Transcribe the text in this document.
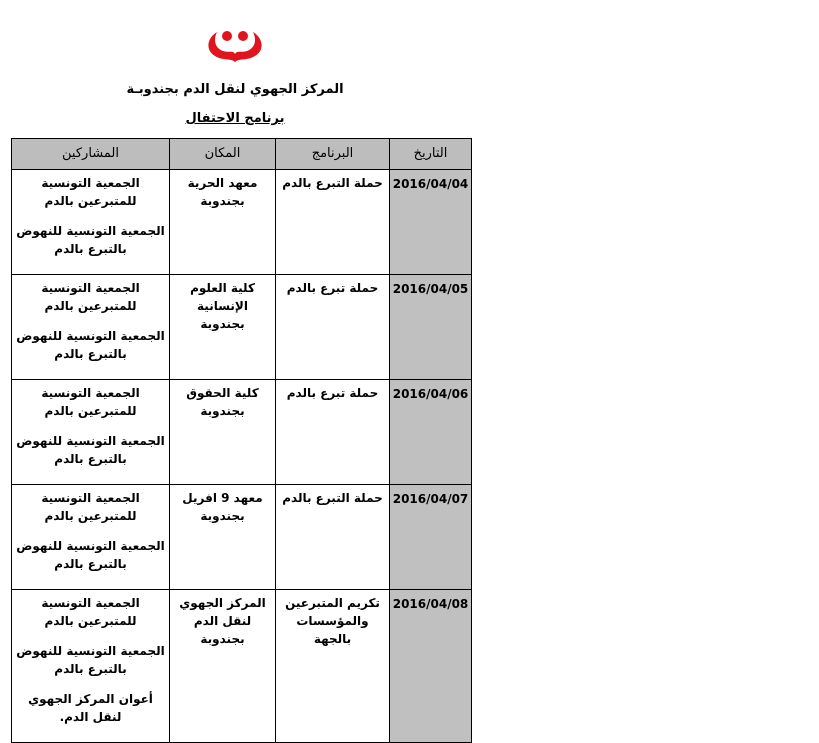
المركز الجهوي لنقل الدم بجندوبـة
برنامج الاحتفال
التاريخ	البرنامج	المكان	المشاركين
2016/04/04	حملة التبرع بالدم	معهد الحرية بجندوبة	الجمعية التونسية للمتبرعين بالدم
الجمعية التونسية للنهوض بالتبرع بالدم

2016/04/05	حملة تبرع بالدم	كلية العلوم الإنسانية بجندوبة	الجمعية التونسية للمتبرعين بالدم
الجمعية التونسية للنهوض بالتبرع بالدم

2016/04/06	حملة تبرع بالدم	كلية الحقوق بجندوبة	الجمعية التونسية للمتبرعين بالدم
الجمعية التونسية للنهوض بالتبرع بالدم

2016/04/07	حملة التبرع بالدم	معهد 9 افريل بجندوبة	الجمعية التونسية للمتبرعين بالدم
الجمعية التونسية للنهوض بالتبرع بالدم

2016/04/08	تكريم المتبرعين والمؤسسات بالجهة	المركز الجهوي لنقل الدم بجندوبة	الجمعية التونسية للمتبرعين بالدم
الجمعية التونسية للنهوض بالتبرع بالدم
أعوان المركز الجهوي لنقل الدم.
